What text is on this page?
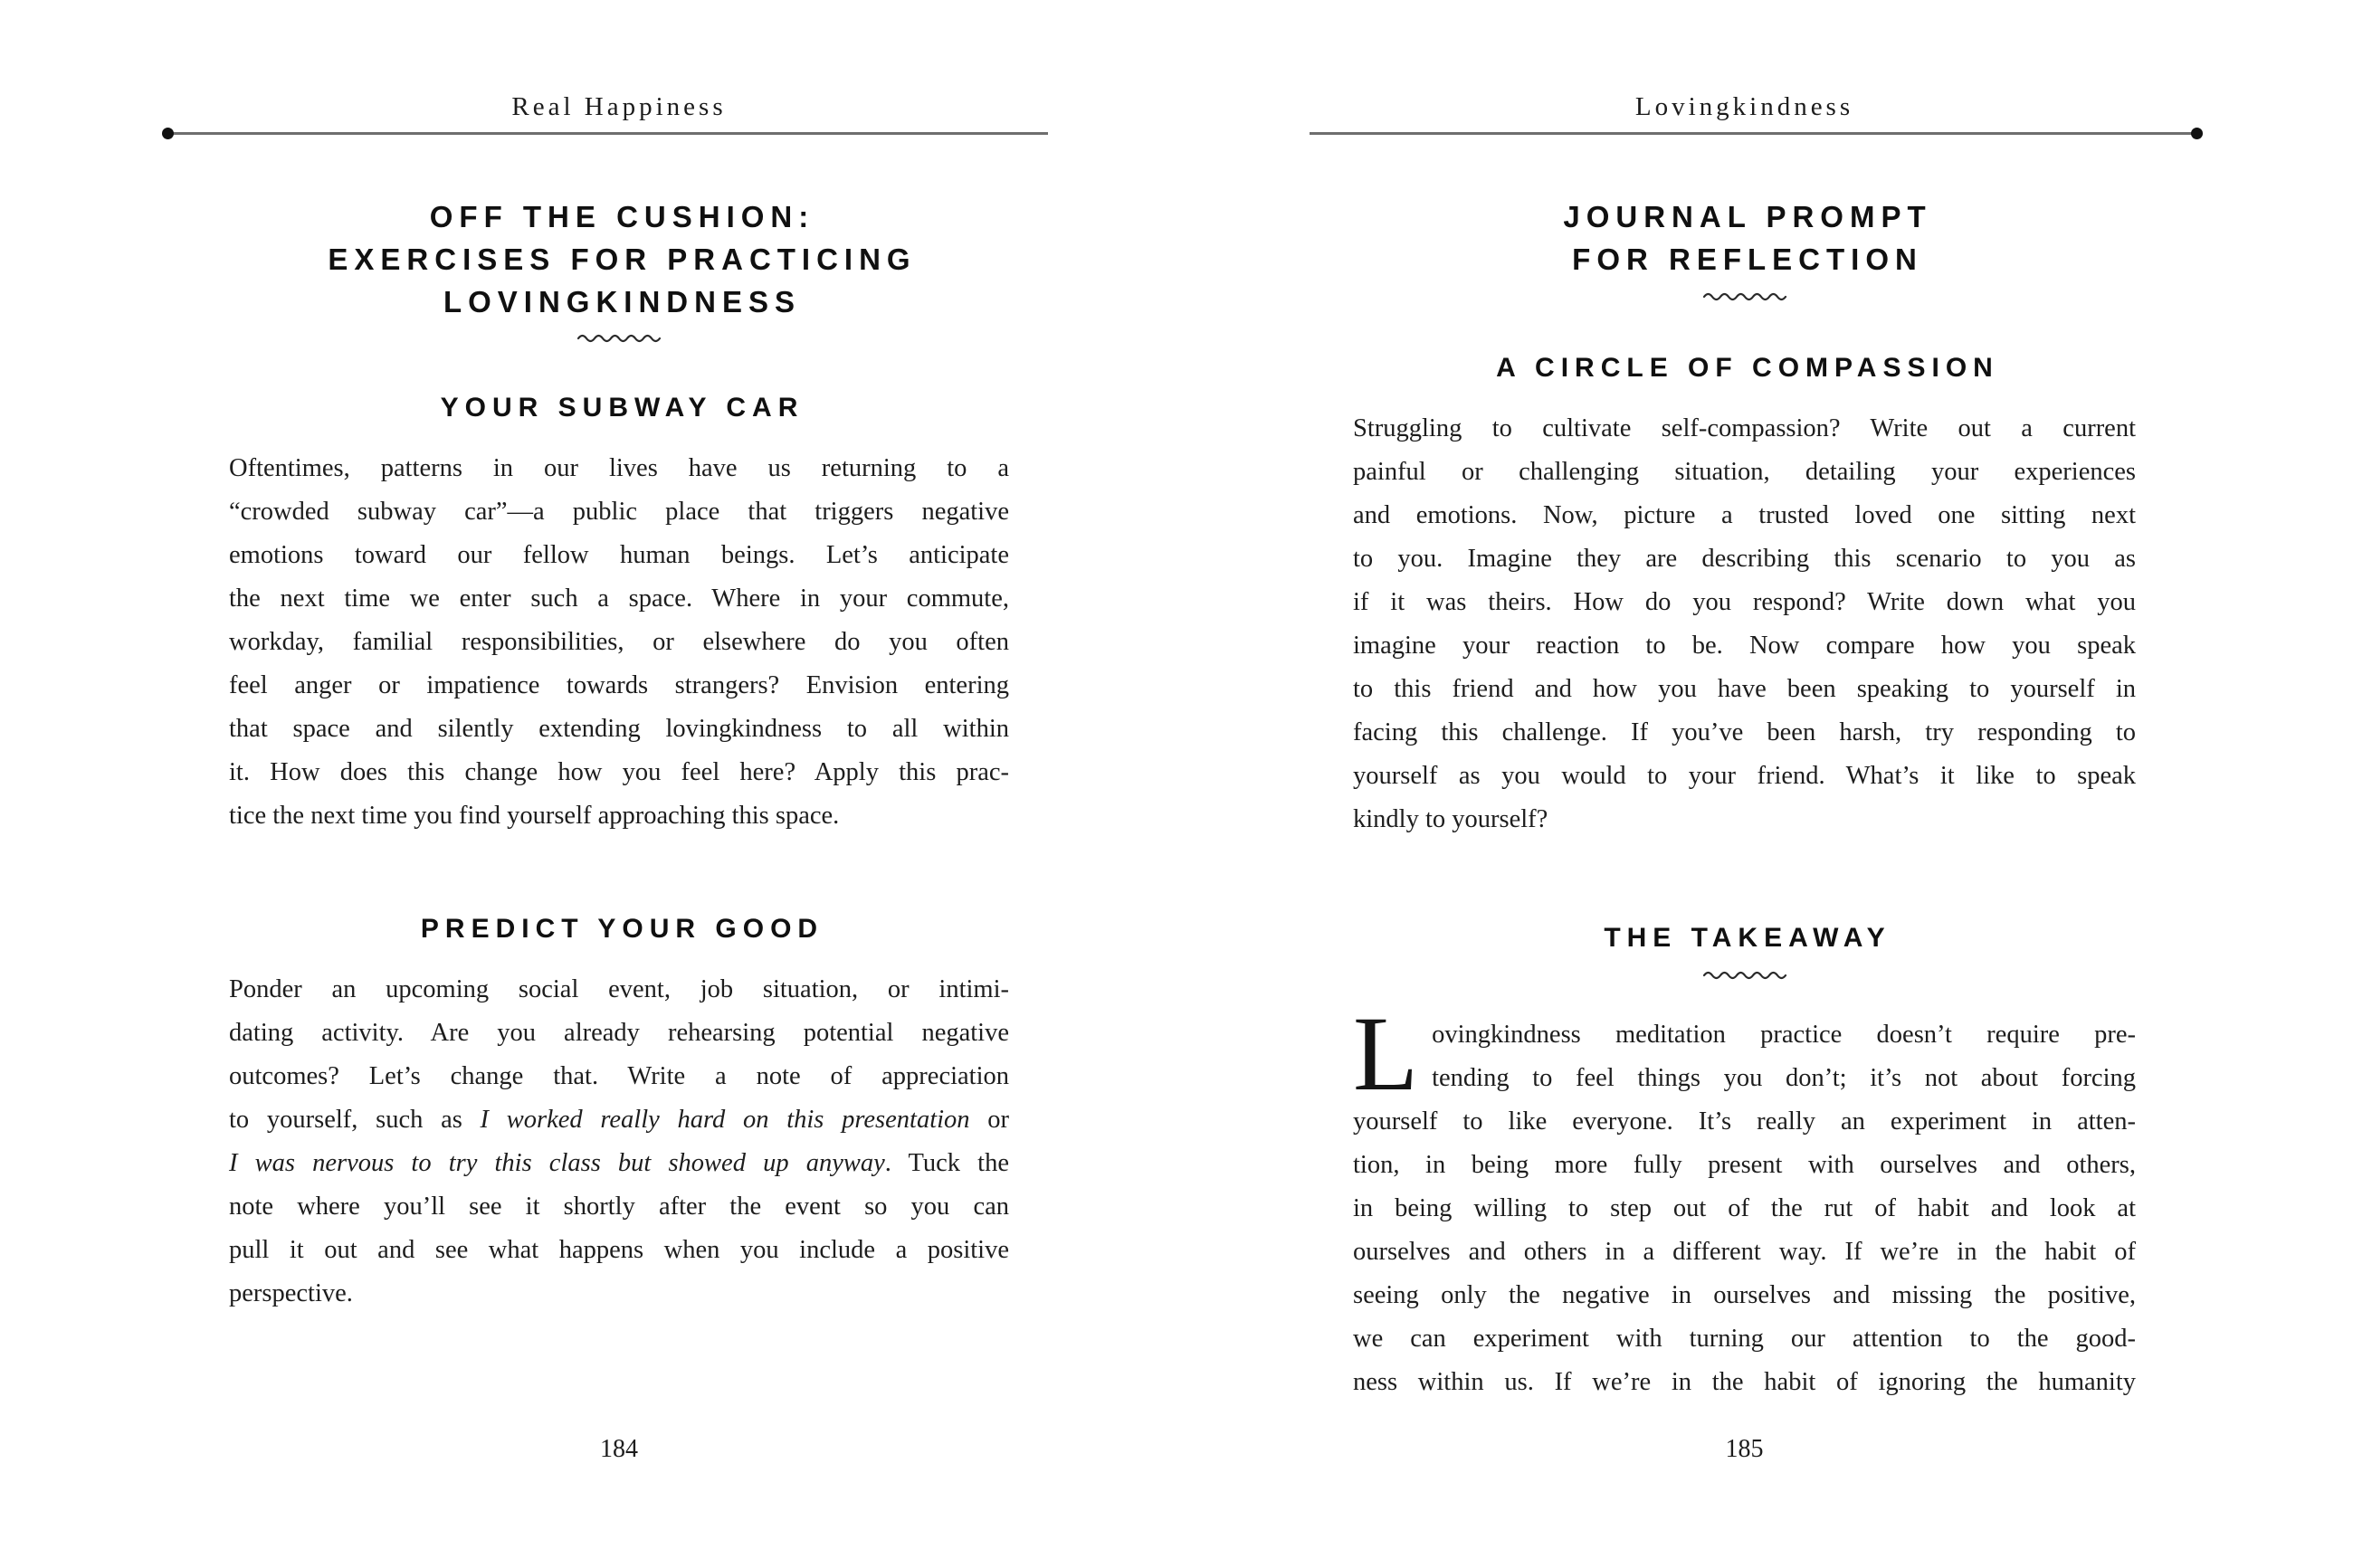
Real Happiness
OFF THE CUSHION:
EXERCISES FOR PRACTICING
LOVINGKINDNESS
YOUR SUBWAY CAR
Oftentimes, patterns in our lives have us returning to a
“crowded subway car”—a public place that triggers negative
emotions toward our fellow human beings. Let’s anticipate
the next time we enter such a space. Where in your commute,
workday, familial responsibilities, or elsewhere do you often
feel anger or impatience towards strangers? Envision entering
that space and silently extending lovingkindness to all within
it. How does this change how you feel here? Apply this prac-
tice the next time you find yourself approaching this space.
PREDICT YOUR GOOD
Ponder an upcoming social event, job situation, or intimi-
dating activity. Are you already rehearsing potential negative
outcomes? Let’s change that. Write a note of appreciation
to yourself, such as I worked really hard on this presentation or
I was nervous to try this class but showed up anyway. Tuck the
note where you’ll see it shortly after the event so you can
pull it out and see what happens when you include a positive
perspective.
184
Lovingkindness
JOURNAL PROMPT
FOR REFLECTION
A CIRCLE OF COMPASSION
Struggling to cultivate self-compassion? Write out a current
painful or challenging situation, detailing your experiences
and emotions. Now, picture a trusted loved one sitting next
to you. Imagine they are describing this scenario to you as
if it was theirs. How do you respond? Write down what you
imagine your reaction to be. Now compare how you speak
to this friend and how you have been speaking to yourself in
facing this challenge. If you’ve been harsh, try responding to
yourself as you would to your friend. What’s it like to speak
kindly to yourself?
THE TAKEAWAY
L ovingkindness meditation practice doesn’t require pre-
tending to feel things you don’t; it’s not about forcing
yourself to like everyone. It’s really an experiment in atten-
tion, in being more fully present with ourselves and others,
in being willing to step out of the rut of habit and look at
ourselves and others in a different way. If we’re in the habit of
seeing only the negative in ourselves and missing the positive,
we can experiment with turning our attention to the good-
ness within us. If we’re in the habit of ignoring the humanity
185
